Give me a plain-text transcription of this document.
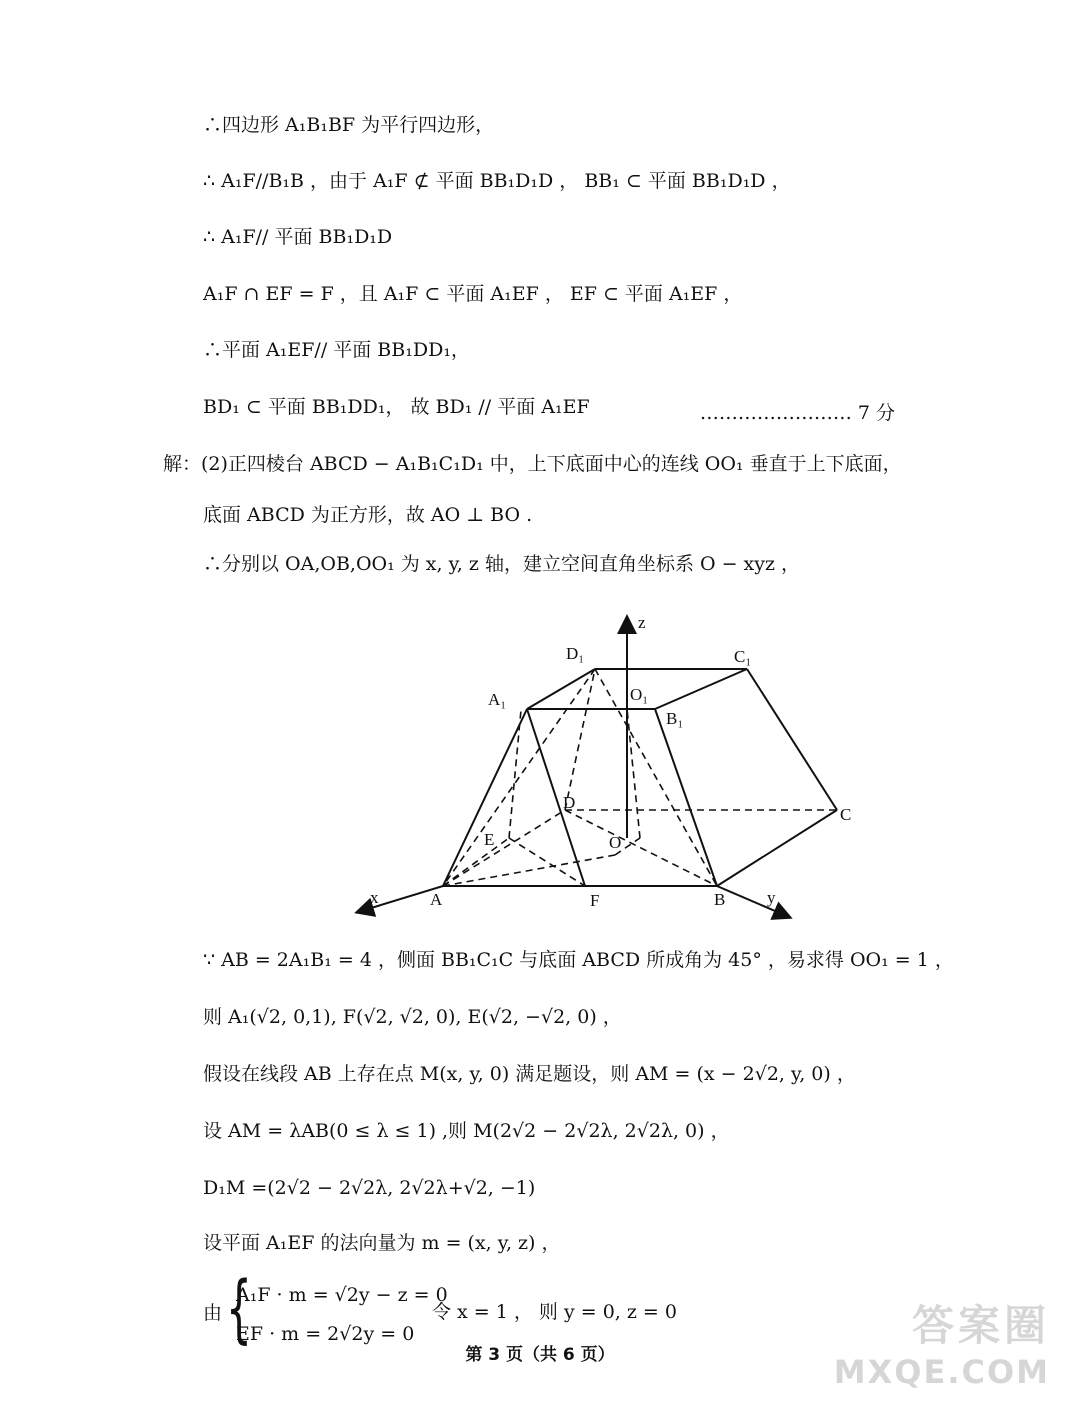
∴四边形 A₁B₁BF 为平行四边形，
∴ A₁F//B₁B ，由于 A₁F ⊄ 平面 BB₁D₁D ， BB₁ ⊂ 平面 BB₁D₁D ，
∴ A₁F// 平面 BB₁D₁D
A₁F ∩ EF = F ，且 A₁F ⊂ 平面 A₁EF ， EF ⊂ 平面 A₁EF ，
∴平面 A₁EF// 平面 BB₁DD₁，
BD₁ ⊂ 平面 BB₁DD₁， 故 BD₁ // 平面 A₁EF	…………………… 7 分
解：(2)正四棱台 ABCD − A₁B₁C₁D₁ 中，上下底面中心的连线 OO₁ 垂直于上下底面，
底面 ABCD 为正方形，故 AO ⊥ BO .
∴分别以 OA,OB,OO₁ 为 x, y, z 轴，建立空间直角坐标系 O − xyz ，
z
x	y
A	F	B
C
D
E	O
A₁
B₁
C₁
D₁
O₁
∵ AB = 2A₁B₁ = 4 ，侧面 BB₁C₁C 与底面 ABCD 所成角为 45° ，易求得 OO₁ = 1 ，
则 A₁(√2, 0,1), F(√2, √2, 0), E(√2, −√2, 0) ，
假设在线段 AB 上存在点 M(x, y, 0) 满足题设，则 AM = (x − 2√2, y, 0) ，
设 AM = λAB(0 ≤ λ ≤ 1) ,则 M(2√2 − 2√2λ, 2√2λ, 0) ，
D₁M =(2√2 − 2√2λ, 2√2λ+√2, −1)
设平面 A₁EF 的法向量为 m = (x, y, z) ，
由 {
A₁F · m = √2y − z = 0
EF · m = 2√2y = 0
令 x = 1 ， 则 y = 0, z = 0
第 3 页（共 6 页）
答案圈
MXQE.COM
